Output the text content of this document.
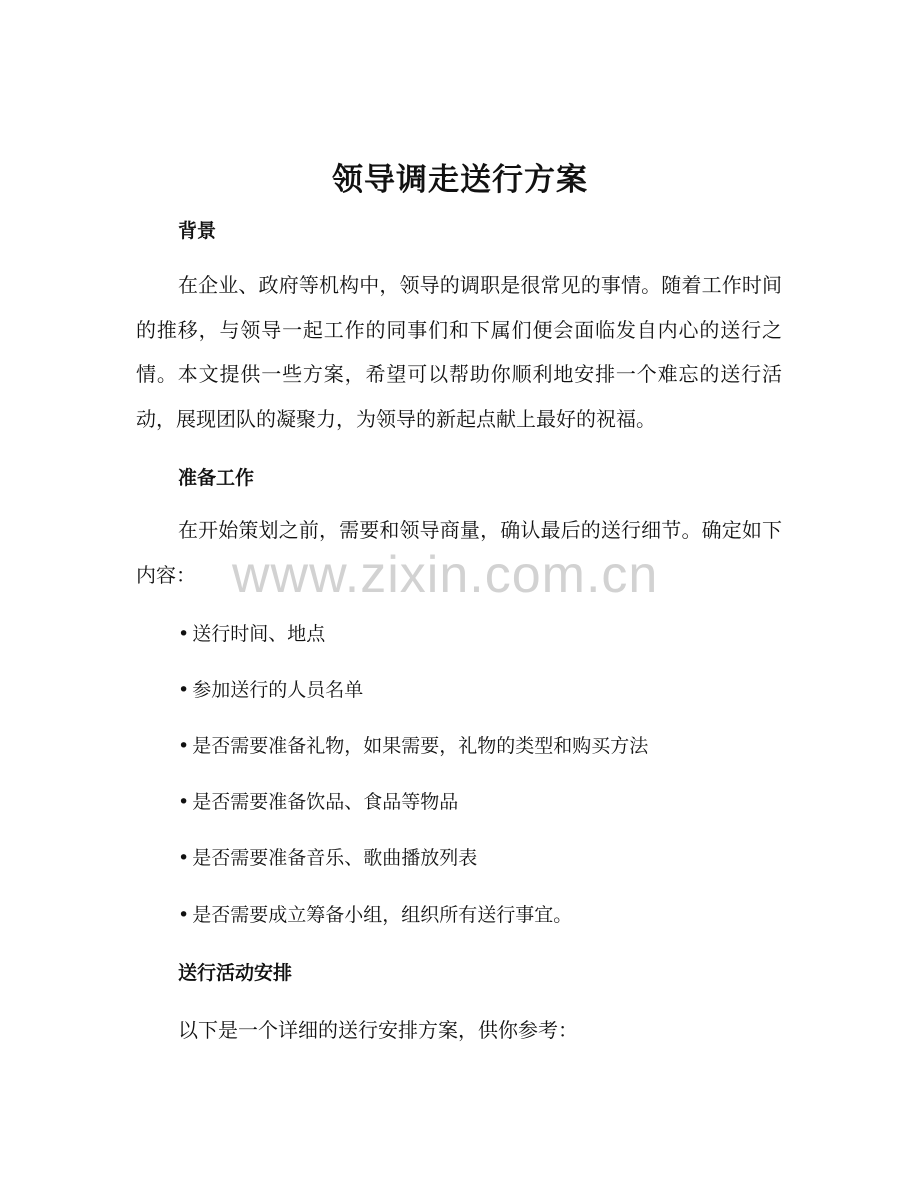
领导调走送行方案
背景
在企业、政府等机构中，领导的调职是很常见的事情。随着工作时间的推移，与领导一起工作的同事们和下属们便会面临发自内心的送行之情。本文提供一些方案，希望可以帮助你顺利地安排一个难忘的送行活动，展现团队的凝聚力，为领导的新起点献上最好的祝福。
准备工作
在开始策划之前，需要和领导商量，确认最后的送行细节。确定如下内容：
• 送行时间、地点
• 参加送行的人员名单
• 是否需要准备礼物，如果需要，礼物的类型和购买方法
• 是否需要准备饮品、食品等物品
• 是否需要准备音乐、歌曲播放列表
• 是否需要成立筹备小组，组织所有送行事宜。
送行活动安排
以下是一个详细的送行安排方案，供你参考：
www.zixin.com.cn
